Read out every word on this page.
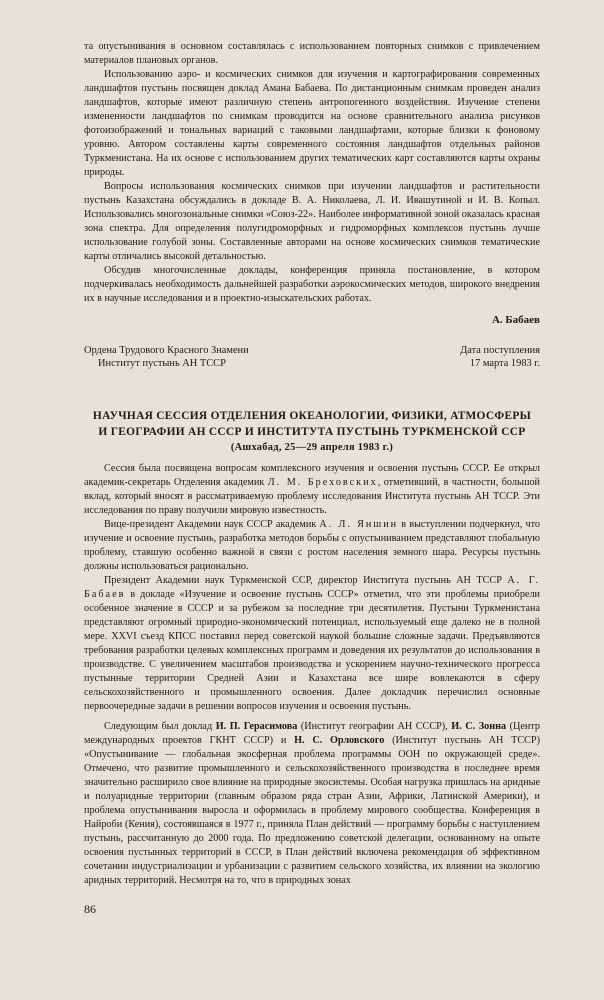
та опустынивания в основном составлялась с использованием повторных снимков с привлечением материалов плановых органов.

Использованию аэро- и космических снимков для изучения и картографирования современных ландшафтов пустынь посвящен доклад Амана Бабаева. По дистанционным снимкам проведен анализ ландшафтов, которые имеют различную степень антропогенного воздействия. Изучение степени измененности ландшафтов по снимкам проводится на основе сравнительного анализа рисунков фотоизображений и тональных вариаций с таковыми ландшафтами, которые близки к фоновому уровню. Автором составлены карты современного состояния ландшафтов отдельных районов Туркменистана. На их основе с использованием других тематических карт составляются карты охраны природы.

Вопросы использования космических снимков при изучении ландшафтов и растительности пустынь Казахстана обсуждались в докладе В. А. Николаева, Л. И. Ивашутиной и И. В. Копыл. Использовались многозональные снимки «Союз-22». Наиболее информативной зоной оказалась красная зона спектра. Для определения полугидроморфных и гидроморфных комплексов пустынь лучше использование голубой зоны. Составленные авторами на основе космических снимков тематические карты отличались высокой детальностью.

Обсудив многочисленные доклады, конференция приняла постановление, в котором подчеркивалась необходимость дальнейшей разработки аэрокосмических методов, широкого внедрения их в научные исследования и в проектно-изыскательских работах.

А. Бабаев
Ордена Трудового Красного Знамени
Институт пустынь АН ТССР
Дата поступления
17 марта 1983 г.
НАУЧНАЯ СЕССИЯ ОТДЕЛЕНИЯ ОКЕАНОЛОГИИ, ФИЗИКИ, АТМОСФЕРЫ
И ГЕОГРАФИИ АН СССР И ИНСТИТУТА ПУСТЫНЬ ТУРКМЕНСКОЙ ССР
(Ашхабад, 25—29 апреля 1983 г.)

Сессия была посвящена вопросам комплексного изучения и освоения пустынь СССР. Ее открыл академик-секретарь Отделения академик Л. М. Бреховских, отметивший, в частности, большой вклад, который вносят в рассматриваемую проблему исследования Института пустынь АН ТССР. Эти исследования по праву получили мировую известность.

Вице-президент Академии наук СССР академик А. Л. Яншин в выступлении подчеркнул, что изучение и освоение пустынь, разработка методов борьбы с опустыниванием представляют глобальную проблему, ставшую особенно важной в связи с ростом населения земного шара. Ресурсы пустынь должны использоваться рационально.

Президент Академии наук Туркменской ССР, директор Института пустынь АН ТССР А. Г. Бабаев в докладе «Изучение и освоение пустынь СССР» отметил, что эти проблемы приобрели особенное значение в СССР и за рубежом за последние три десятилетия. Пустыни Туркменистана представляют огромный природно-экономический потенциал, используемый еще далеко не в полной мере. XXVI съезд КПСС поставил перед советской наукой большие сложные задачи. Предъявляются требования разработки целевых комплексных программ и доведения их результатов до использования в производстве. С увеличением масштабов производства и ускорением научно-технического прогресса пустынные территории Средней Азии и Казахстана все шире вовлекаются в сферу сельскохозяйственного и промышленного освоения. Далее докладчик перечислил основные первоочередные задачи в решении вопросов изучения и освоения пустынь.

Следующим был доклад И. П. Герасимова (Институт географии АН СССР), И. С. Зонна (Центр международных проектов ГКНТ СССР) и Н. С. Орловского (Институт пустынь АН ТССР) «Опустынивание — глобальная экосферная проблема программы ООН по окружающей среде». Отмечено, что развитие промышленного и сельскохозяйственного производства в последнее время значительно расширило свое влияние на природные экосистемы. Особая нагрузка пришлась на аридные и полуаридные территории (главным образом ряда стран Азии, Африки, Латинской Америки), и проблема опустынивания выросла и оформилась в проблему мирового сообщества. Конференция в Найроби (Кения), состоявшаяся в 1977 г., приняла План действий — программу борьбы с наступлением пустынь, рассчитанную до 2000 года. По предложению советской делегации, основанному на опыте освоения пустынных территорий в СССР, в План действий включена рекомендация об эффективном сочетании индустриализации и урбанизации с развитием сельского хозяйства, их влиянии на экологию аридных территорий. Несмотря на то, что в природных зонах

86
